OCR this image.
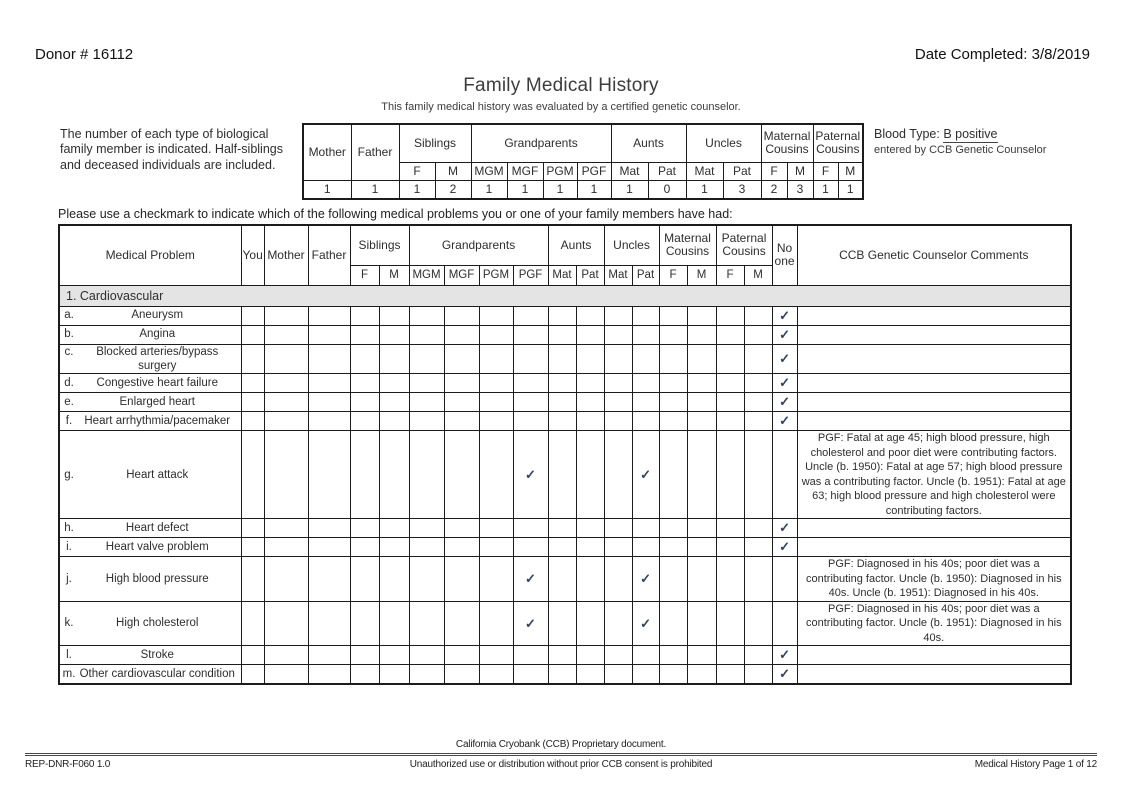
Donor # 16112	Date Completed: 3/8/2019
Family Medical History
This family medical history was evaluated by a certified genetic counselor.
The number of each type of biological family member is indicated. Half-siblings and deceased individuals are included.
Mother	Father	Siblings		Grandparents				Aunts		Uncles		Maternal Cousins		Paternal Cousins	
		F	M	MGM	MGF	PGM	PGF	Mat	Pat	Mat	Pat	F	M	F	M
1	1	1	2	1	1	1	1	1	0	1	3	2	3	1	1
Blood Type: B positive
entered by CCB Genetic Counselor
Please use a checkmark to indicate which of the following medical problems you or one of your family members have had:
Medical Problem	You	Mother	Father	Siblings		Grandparents				Aunts		Uncles		Maternal Cousins		Paternal Cousins		No one	CCB Genetic Counselor Comments
				F	M	MGM	MGF	PGM	PGF	Mat	Pat	Mat	Pat	F	M	F	M		
1. Cardiovascular																			

a. Aneurysm																		✓	

b. Angina																		✓	

c. Blocked arteries/bypass surgery																		✓	

d. Congestive heart failure																		✓	

e. Enlarged heart																		✓	

f. Heart arrhythmia/pacemaker																		✓	

g. Heart attack									✓				✓						PGF: Fatal at age 45; high blood pressure, high cholesterol and poor diet were contributing factors. Uncle (b. 1950): Fatal at age 57; high blood pressure was a contributing factor. Uncle (b. 1951): Fatal at age 63; high blood pressure and high cholesterol were contributing factors.

h. Heart defect																		✓	

i. Heart valve problem																		✓	

j. High blood pressure									✓				✓						PGF: Diagnosed in his 40s; poor diet was a contributing factor. Uncle (b. 1950): Diagnosed in his 40s. Uncle (b. 1951): Diagnosed in his 40s.

k. High cholesterol									✓				✓						PGF: Diagnosed in his 40s; poor diet was a contributing factor. Uncle (b. 1951): Diagnosed in his 40s.

l. Stroke																		✓	

m. Other cardiovascular condition																		✓	
California Cryobank (CCB) Proprietary document.
REP-DNR-F060 1.0	Unauthorized use or distribution without prior CCB consent is prohibited	Medical History Page 1 of 12
